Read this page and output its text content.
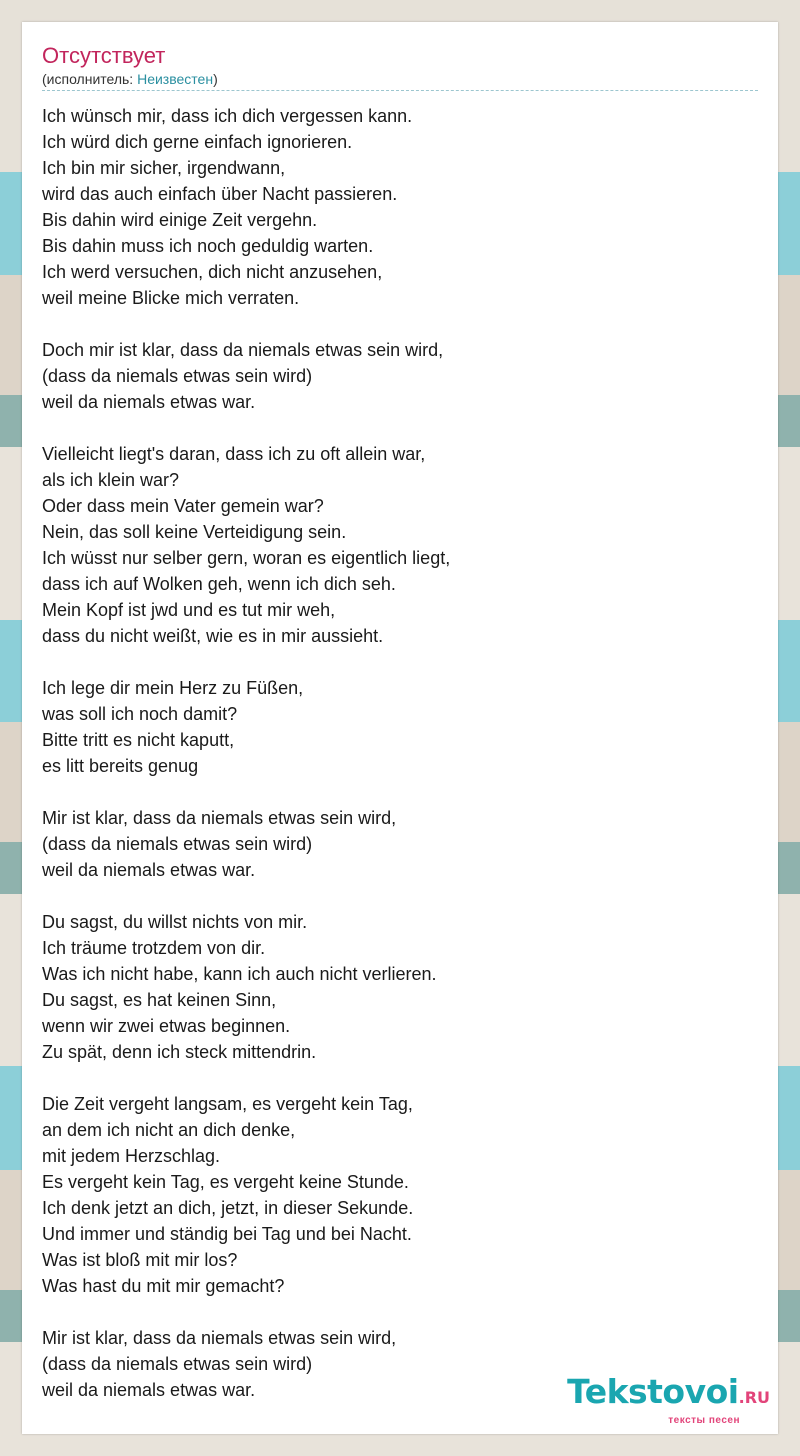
Отсутствует
(исполнитель: Неизвестен)
Ich wünsch mir, dass ich dich vergessen kann.
Ich würd dich gerne einfach ignorieren.
Ich bin mir sicher, irgendwann,
wird das auch einfach über Nacht passieren.
Bis dahin wird einige Zeit vergehn.
Bis dahin muss ich noch geduldig warten.
Ich werd versuchen, dich nicht anzusehen,
weil meine Blicke mich verraten.
Doch mir ist klar, dass da niemals etwas sein wird,
(dass da niemals etwas sein wird)
weil da niemals etwas war.
Vielleicht liegt's daran, dass ich zu oft allein war,
als ich klein war?
Oder dass mein Vater gemein war?
Nein, das soll keine Verteidigung sein.
Ich wüsst nur selber gern, woran es eigentlich liegt,
dass ich auf Wolken geh, wenn ich dich seh.
Mein Kopf ist jwd und es tut mir weh,
dass du nicht weißt, wie es in mir aussieht.
Ich lege dir mein Herz zu Füßen,
was soll ich noch damit?
Bitte tritt es nicht kaputt,
es litt bereits genug
Mir ist klar, dass da niemals etwas sein wird,
(dass da niemals etwas sein wird)
weil da niemals etwas war.
Du sagst, du willst nichts von mir.
Ich träume trotzdem von dir.
Was ich nicht habe, kann ich auch nicht verlieren.
Du sagst, es hat keinen Sinn,
wenn wir zwei etwas beginnen.
Zu spät, denn ich steck mittendrin.
Die Zeit vergeht langsam, es vergeht kein Tag,
an dem ich nicht an dich denke,
mit jedem Herzschlag.
Es vergeht kein Tag, es vergeht keine Stunde.
Ich denk jetzt an dich, jetzt, in dieser Sekunde.
Und immer und ständig bei Tag und bei Nacht.
Was ist bloß mit mir los?
Was hast du mit mir gemacht?
Mir ist klar, dass da niemals etwas sein wird,
(dass da niemals etwas sein wird)
weil da niemals etwas war.	Tekstovoi.RU
тексты песен
